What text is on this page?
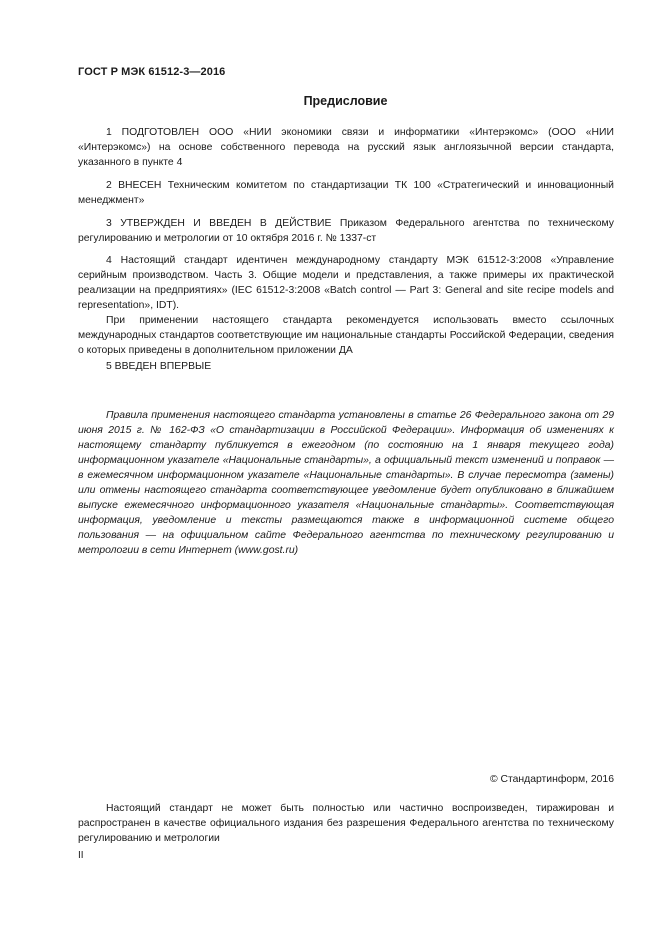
ГОСТ Р МЭК 61512-3—2016
Предисловие

1 ПОДГОТОВЛЕН ООО «НИИ экономики связи и информатики «Интерэкомс» (ООО «НИИ «Интерэкомс») на основе собственного перевода на русский язык англоязычной версии стандарта, указанного в пункте 4

2 ВНЕСЕН Техническим комитетом по стандартизации ТК 100 «Стратегический и инновационный менеджмент»

3 УТВЕРЖДЕН И ВВЕДЕН В ДЕЙСТВИЕ Приказом Федерального агентства по техническому регулированию и метрологии от 10 октября 2016 г. № 1337-ст

4 Настоящий стандарт идентичен международному стандарту МЭК 61512-3:2008 «Управление серийным производством. Часть 3. Общие модели и представления, а также примеры их практической реализации на предприятиях» (IEC 61512-3:2008 «Batch control — Part 3: General and site recipe models and representation», IDT).

При применении настоящего стандарта рекомендуется использовать вместо ссылочных международных стандартов соответствующие им национальные стандарты Российской Федерации, сведения о которых приведены в дополнительном приложении ДА

5 ВВЕДЕН ВПЕРВЫЕ

Правила применения настоящего стандарта установлены в статье 26 Федерального закона от 29 июня 2015 г. № 162-ФЗ «О стандартизации в Российской Федерации». Информация об изменениях к настоящему стандарту публикуется в ежегодном (по состоянию на 1 января текущего года) информационном указателе «Национальные стандарты», а официальный текст изменений и поправок — в ежемесячном информационном указателе «Национальные стандарты». В случае пересмотра (замены) или отмены настоящего стандарта соответствующее уведомление будет опубликовано в ближайшем выпуске ежемесячного информационного указателя «Национальные стандарты». Соответствующая информация, уведомление и тексты размещаются также в информационной системе общего пользования — на официальном сайте Федерального агентства по техническому регулированию и метрологии в сети Интернет (www.gost.ru)

© Стандартинформ, 2016

Настоящий стандарт не может быть полностью или частично воспроизведен, тиражирован и распространен в качестве официального издания без разрешения Федерального агентства по техническому регулированию и метрологии

II
